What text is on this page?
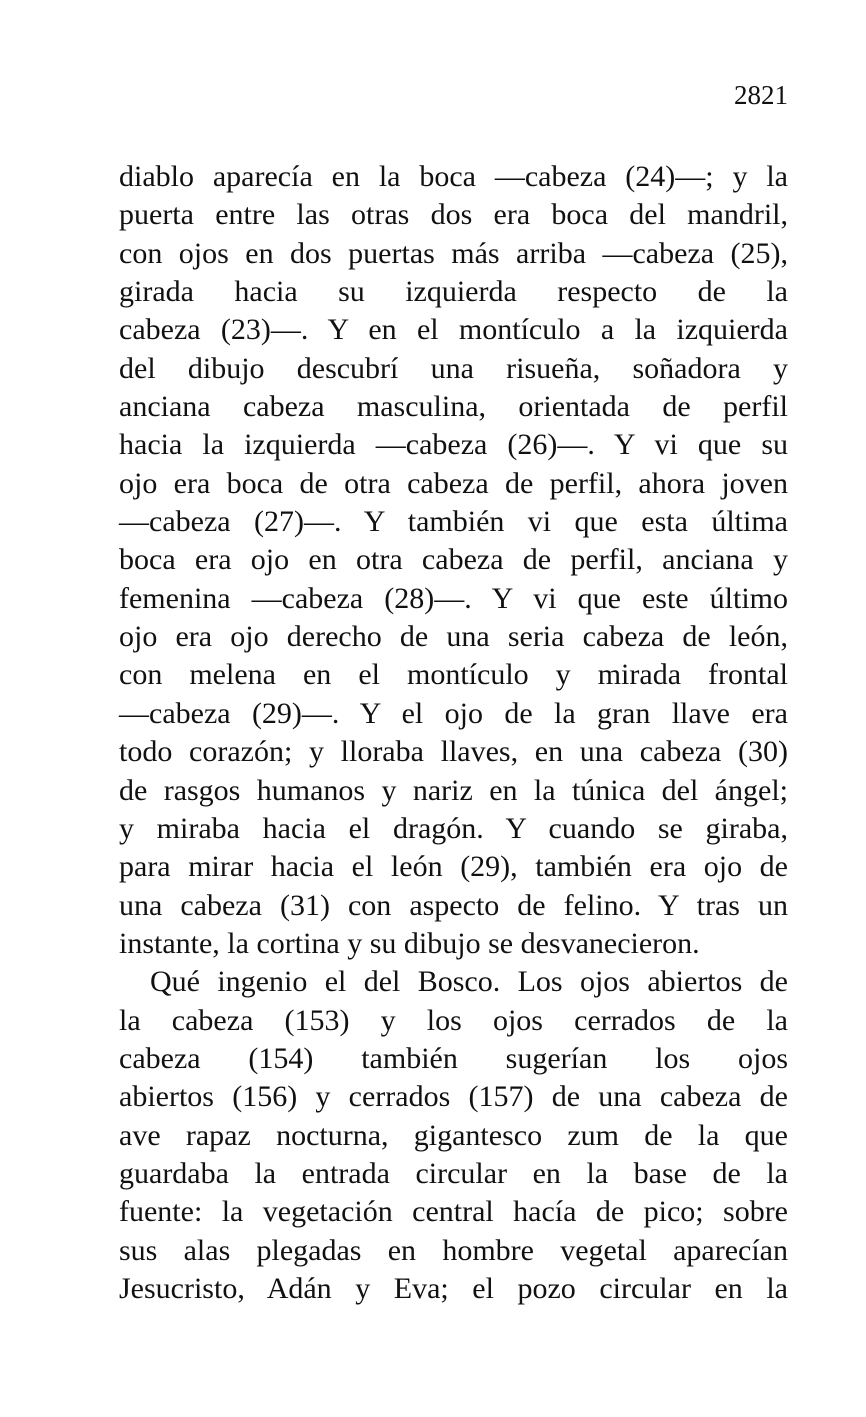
2821
diablo aparecía en la boca —cabeza (24)—; y la
puerta entre las otras dos era boca del mandril,
con ojos en dos puertas más arriba —cabeza (25),
girada hacia su izquierda respecto de la
cabeza (23)—. Y en el montículo a la izquierda
del dibujo descubrí una risueña, soñadora y
anciana cabeza masculina, orientada de perfil
hacia la izquierda —cabeza (26)—. Y vi que su
ojo era boca de otra cabeza de perfil, ahora joven
—cabeza (27)—. Y también vi que esta última
boca era ojo en otra cabeza de perfil, anciana y
femenina —cabeza (28)—. Y vi que este último
ojo era ojo derecho de una seria cabeza de león,
con melena en el montículo y mirada frontal
—cabeza (29)—. Y el ojo de la gran llave era
todo corazón; y lloraba llaves, en una cabeza (30)
de rasgos humanos y nariz en la túnica del ángel;
y miraba hacia el dragón. Y cuando se giraba,
para mirar hacia el león (29), también era ojo de
una cabeza (31) con aspecto de felino. Y tras un
instante, la cortina y su dibujo se desvanecieron.
Qué ingenio el del Bosco. Los ojos abiertos de
la cabeza (153) y los ojos cerrados de la
cabeza (154) también sugerían los ojos
abiertos (156) y cerrados (157) de una cabeza de
ave rapaz nocturna, gigantesco zum de la que
guardaba la entrada circular en la base de la
fuente: la vegetación central hacía de pico; sobre
sus alas plegadas en hombre vegetal aparecían
Jesucristo, Adán y Eva; el pozo circular en la
